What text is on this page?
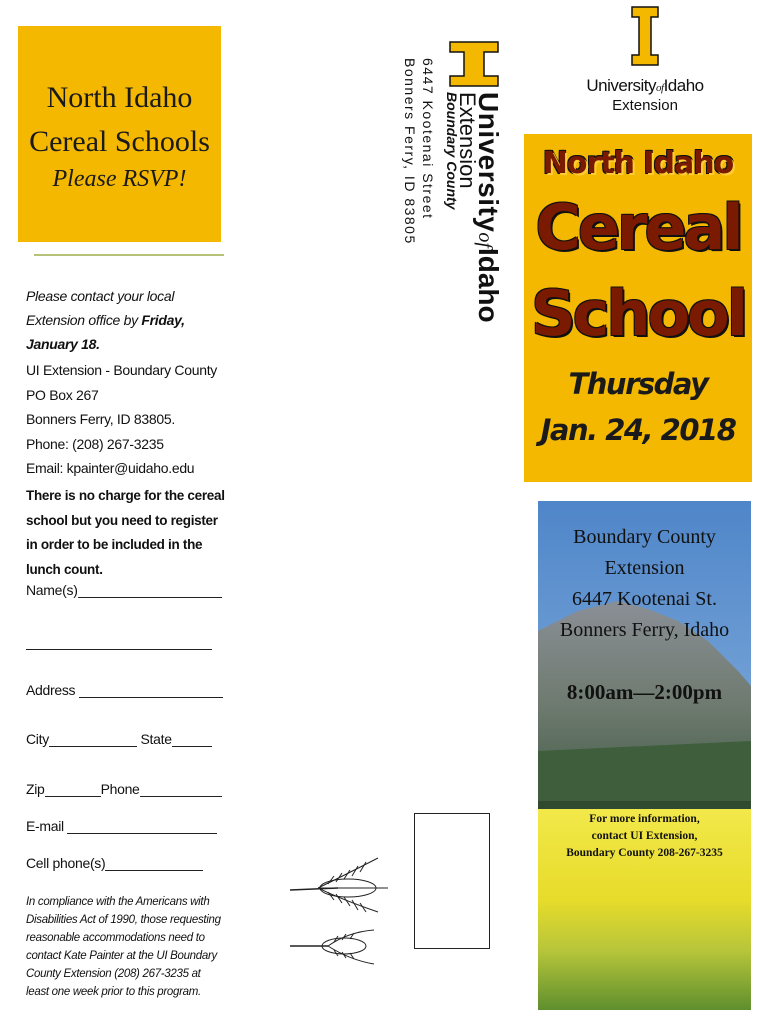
North Idaho
Cereal Schools
Please RSVP!
Please contact your local Extension office by Friday, January 18.
UI Extension - Boundary County
PO Box 267
Bonners Ferry, ID 83805.
Phone: (208) 267-3235
Email: kpainter@uidaho.edu
There is no charge for the cereal school but you need to register in order to be included in the lunch count.
Name(s)
Address
City	State
Zip	Phone
E-mail
Cell phone(s)
In compliance with the Americans with Disabilities Act of 1990, those requesting reasonable accommodations need to contact Kate Painter at the UI Boundary County Extension (208) 267-3235 at least one week prior to this program.
UniversityofIdaho
Extension
Boundary County
6447 Kootenai Street
Bonners Ferry, ID 83805	UniversityofIdaho
Extension
North Idaho
Cereal
School
Thursday
Jan. 24, 2018
Boundary County
Extension
6447 Kootenai St.
Bonners Ferry, Idaho
8:00am—2:00pm
For more information,
contact UI Extension,
Boundary County 208-267-3235
